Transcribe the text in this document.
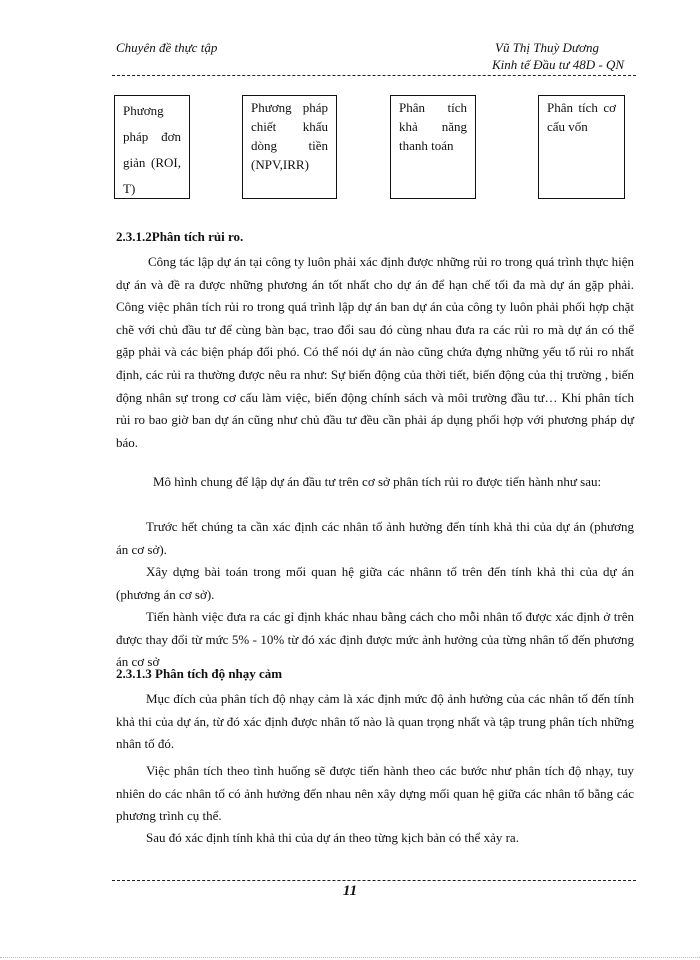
Chuyên đề thực tập	Vũ Thị Thuỳ Dương
Kinh tế Đầu tư 48D - QN
Phương pháp đơn giản (ROI, T)
Phương pháp chiết khấu dòng tiền (NPV,IRR)
Phân tích khả năng thanh toán
Phân tích cơ cấu vốn
2.3.1.2Phân tích rủi ro.
Công tác lập dự án tại công ty luôn phải xác định được những rủi ro trong quá trình thực hiện dự án và đề ra được những phương án tốt nhất cho dự án để hạn chế tối đa mà dự án gặp phải. Công việc phân tích rủi ro trong quá trình lập dự án ban dự án của công ty luôn phải phối hợp chặt chẽ với chủ đầu tư để cùng bàn bạc, trao đổi sau đó cùng nhau đưa ra các rủi ro mà dự án có thể gặp phải và các biện pháp đối phó. Có thể nói dự án nào cũng chứa đựng những yếu tố rủi ro nhất định, các rủi ra thường được nêu ra như: Sự biến động của thời tiết, biến động của thị trường , biến động nhân sự trong cơ cấu làm việc, biến động chính sách và môi trường đầu tư… Khi phân tích rủi ro bao giờ ban dự án cũng như chủ đầu tư đều cần phải áp dụng phối hợp với phương pháp dự báo.
Mô hình chung để lập dự án đầu tư trên cơ sở phân tích rủi ro được tiến hành như sau:
Trước hết chúng ta cần xác định các nhân tố ảnh hưởng đến tính khả thi của dự án (phương án cơ sở).
Xây dựng bài toán trong mối quan hệ giữa các nhânn tố trên đến tính khả thi của dự án (phương án cơ sở).
Tiến hành việc đưa ra các gỉ định khác nhau bằng cách cho mỗi nhân tố được xác định ở trên được thay đổi từ mức 5% - 10% từ đó xác định được mức ảnh hưởng của từng nhân tố đến phương án cơ sở
2.3.1.3 Phân tích độ nhạy cảm
Mục đích của phân tích độ nhạy cảm là xác định mức độ ảnh hưởng của các nhân tố đến tính khả thi của dự án, từ đó xác định được nhân tố nào là quan trọng nhất và tập trung phân tích những nhân tố đó.
Việc phân tích theo tình huống sẽ được tiến hành theo các bước như phân tích độ nhạy, tuy nhiên do các nhân tố có ảnh hưởng đến nhau nên xây dựng mối quan hệ giữa các nhân tố bằng các phương trình cụ thể.
Sau đó xác định tính khả thi của dự án theo từng kịch bản có thể xảy ra.
11
